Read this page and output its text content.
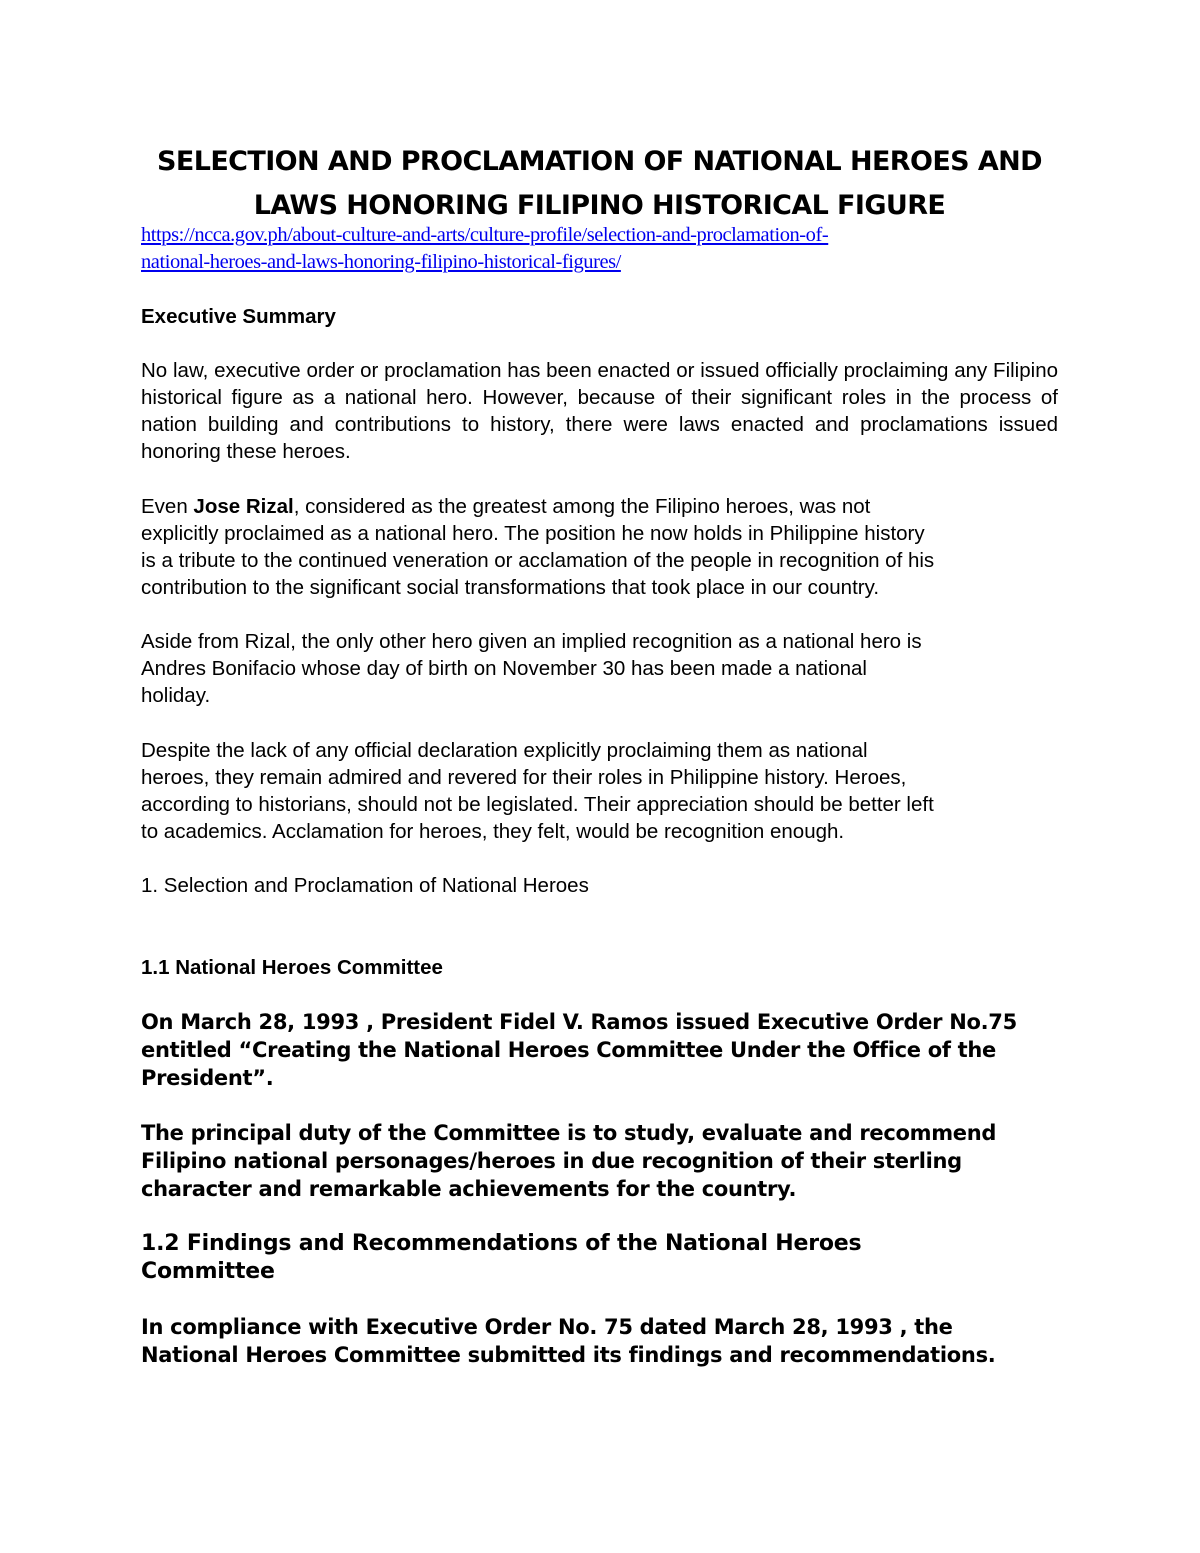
SELECTION AND PROCLAMATION OF NATIONAL HEROES AND
LAWS HONORING FILIPINO HISTORICAL FIGURE
https://ncca.gov.ph/about-culture-and-arts/culture-profile/selection-and-proclamation-of-
national-heroes-and-laws-honoring-filipino-historical-figures/
Executive Summary

No law, executive order or proclamation has been enacted or issued officially proclaiming any Filipino historical figure as a national hero. However, because of their significant roles in the process of nation building and contributions to history, there were laws enacted and proclamations issued honoring these heroes.

Even Jose Rizal, considered as the greatest among the Filipino heroes, was not
explicitly proclaimed as a national hero. The position he now holds in Philippine history
is a tribute to the continued veneration or acclamation of the people in recognition of his
contribution to the significant social transformations that took place in our country.

Aside from Rizal, the only other hero given an implied recognition as a national hero is
Andres Bonifacio whose day of birth on November 30 has been made a national
holiday.

Despite the lack of any official declaration explicitly proclaiming them as national
heroes, they remain admired and revered for their roles in Philippine history. Heroes,
according to historians, should not be legislated. Their appreciation should be better left
to academics. Acclamation for heroes, they felt, would be recognition enough.

1. Selection and Proclamation of National Heroes

1.1 National Heroes Committee

On March 28, 1993 , President Fidel V. Ramos issued Executive Order No.75
entitled “Creating the National Heroes Committee Under the Office of the
President”.

The principal duty of the Committee is to study, evaluate and recommend
Filipino national personages/heroes in due recognition of their sterling
character and remarkable achievements for the country.

1.2 Findings and Recommendations of the National Heroes
Committee

In compliance with Executive Order No. 75 dated March 28, 1993 , the
National Heroes Committee submitted its findings and recommendations.
